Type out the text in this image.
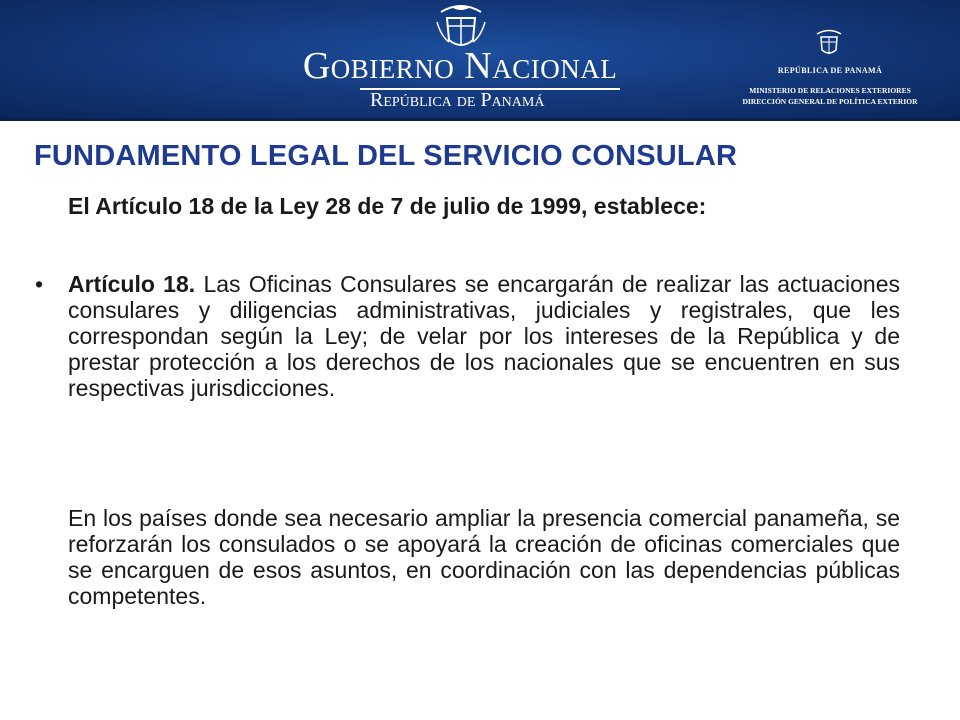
Gobierno Nacional
República de Panamá
REPÚBLICA DE PANAMÁ
MINISTERIO DE RELACIONES EXTERIORES
DIRECCIÓN GENERAL DE POLÍTICA EXTERIOR
FUNDAMENTO LEGAL DEL SERVICIO CONSULAR
El Artículo 18 de la Ley 28 de 7 de julio de 1999, establece:
• Artículo 18. Las Oficinas Consulares se encargarán de realizar las actuaciones consulares y diligencias administrativas, judiciales y registrales, que les correspondan según la Ley; de velar por los intereses de la República y de prestar protección a los derechos de los nacionales que se encuentren en sus respectivas jurisdicciones.
En los países donde sea necesario ampliar la presencia comercial panameña, se reforzarán los consulados o se apoyará la creación de oficinas comerciales que se encarguen de esos asuntos, en coordinación con las dependencias públicas competentes.
